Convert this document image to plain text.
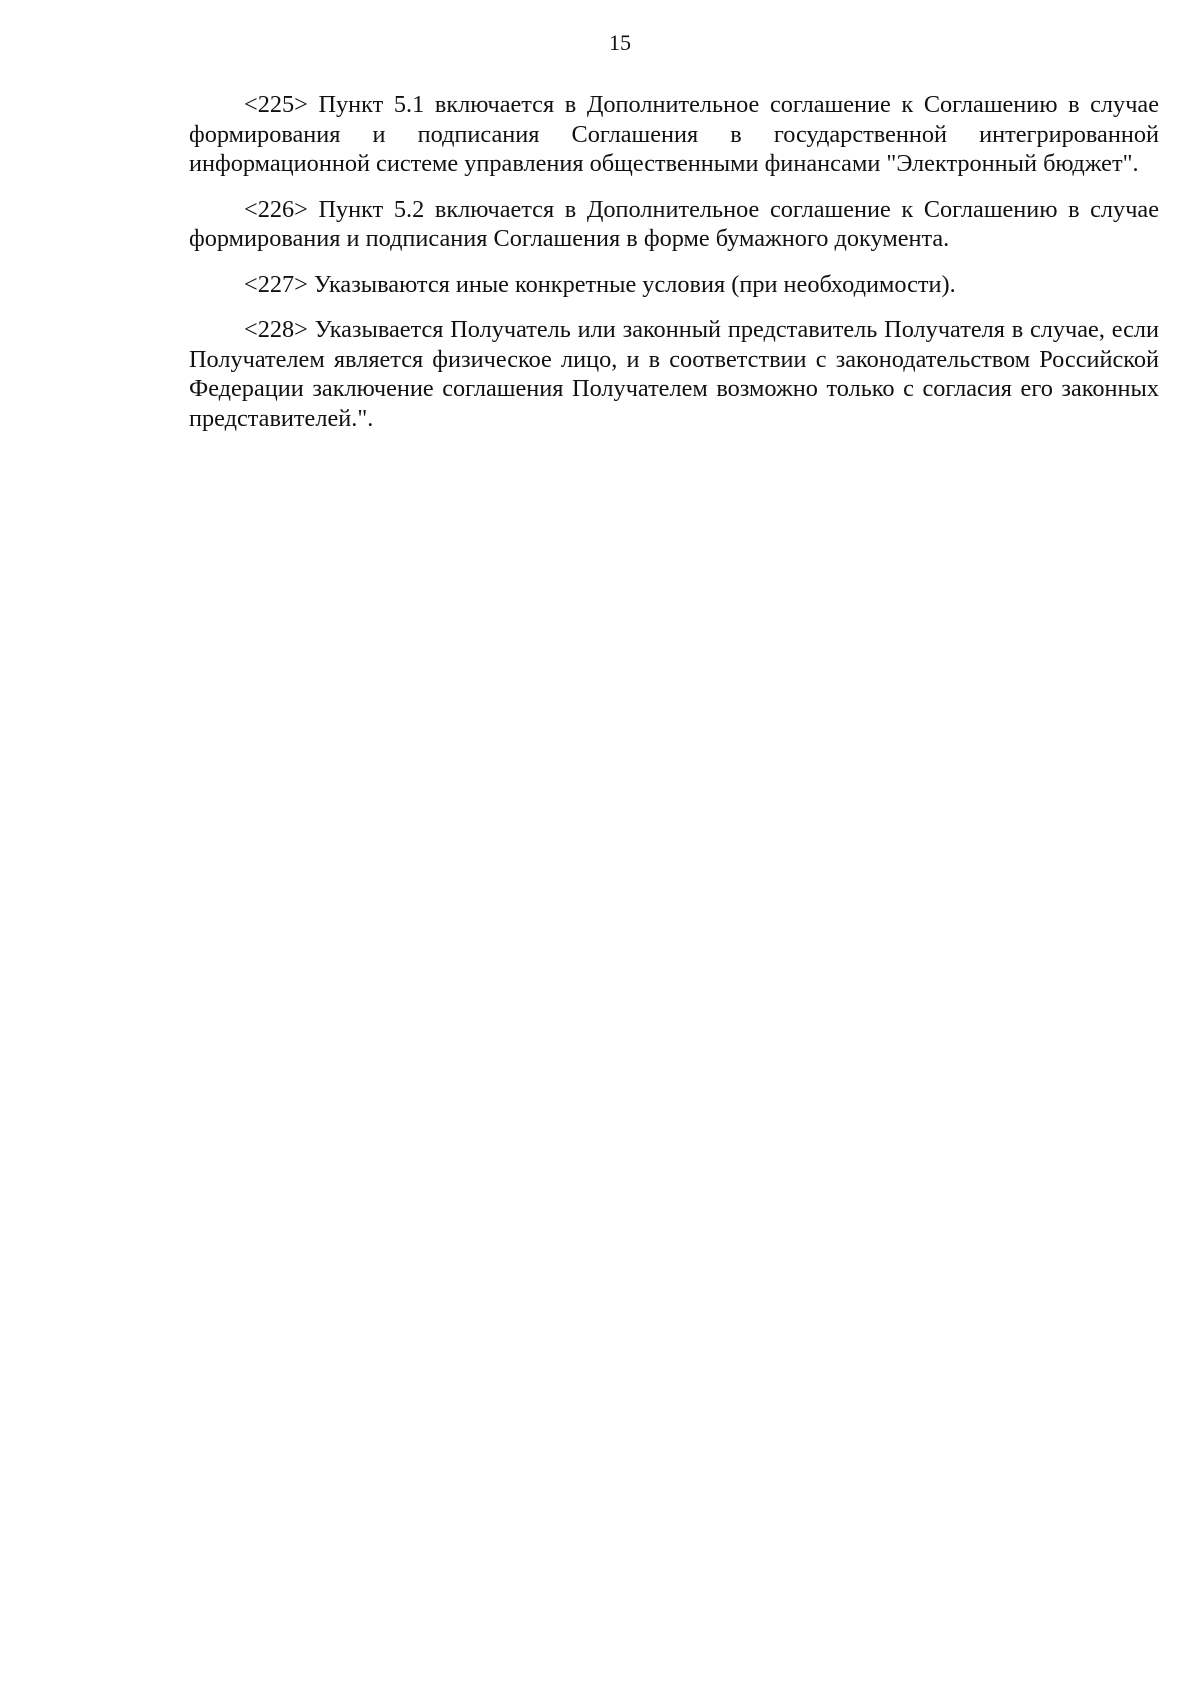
15

<225> Пункт 5.1 включается в Дополнительное соглашение к Соглашению в случае формирования и подписания Соглашения в государственной интегрированной информационной системе управления общественными финансами "Электронный бюджет".

<226> Пункт 5.2 включается в Дополнительное соглашение к Соглашению в случае формирования и подписания Соглашения в форме бумажного документа.

<227> Указываются иные конкретные условия (при необходимости).

<228> Указывается Получатель или законный представитель Получателя в случае, если Получателем является физическое лицо, и в соответствии с законодательством Российской Федерации заключение соглашения Получателем возможно только с согласия его законных представителей.".
